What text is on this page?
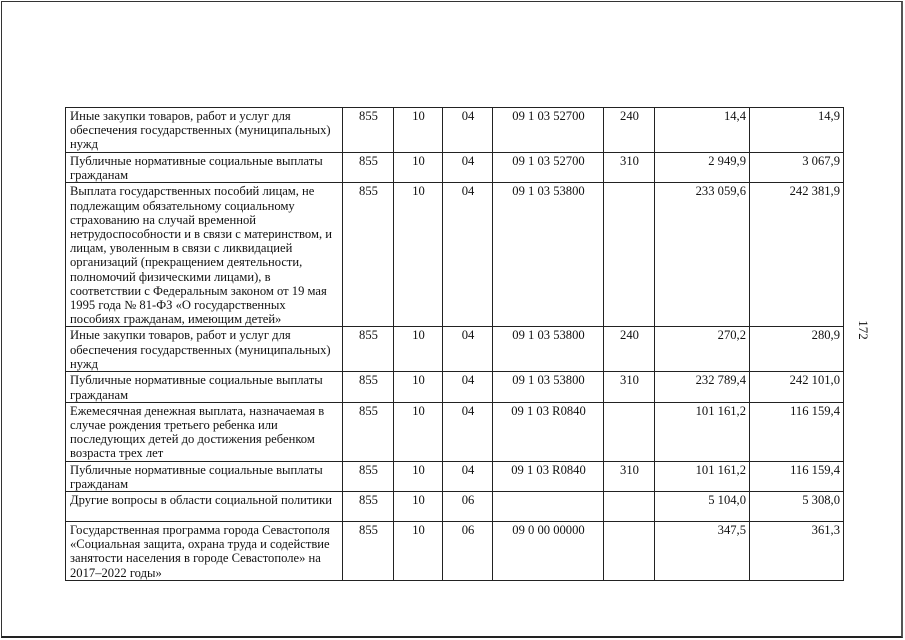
Иные закупки товаров, работ и услуг для обеспечения государственных (муниципальных) нужд	855	10	04	09 1 03 52700	240	14,4	14,9
Публичные нормативные социальные выплаты гражданам	855	10	04	09 1 03 52700	310	2 949,9	3 067,9
Выплата государственных пособий лицам, не подлежащим обязательному социальному страхованию на случай временной нетрудоспособности и в связи с материнством, и лицам, уволенным в связи с ликвидацией организаций (прекращением деятельности, полномочий физическими лицами), в соответствии с Федеральным законом от 19 мая 1995 года № 81-ФЗ «О государственных пособиях гражданам, имеющим детей»	855	10	04	09 1 03 53800		233 059,6	242 381,9
Иные закупки товаров, работ и услуг для обеспечения государственных (муниципальных) нужд	855	10	04	09 1 03 53800	240	270,2	280,9
Публичные нормативные социальные выплаты гражданам	855	10	04	09 1 03 53800	310	232 789,4	242 101,0
Ежемесячная денежная выплата, назначаемая в случае рождения третьего ребенка или последующих детей до достижения ребенком возраста трех лет	855	10	04	09 1 03 R0840		101 161,2	116 159,4
Публичные нормативные социальные выплаты гражданам	855	10	04	09 1 03 R0840	310	101 161,2	116 159,4
Другие вопросы в области социальной политики	855	10	06			5 104,0	5 308,0
Государственная программа города Севастополя «Социальная защита, охрана труда и содействие занятости населения в городе Севастополе» на 2017–2022 годы»	855	10	06	09 0 00 00000		347,5	361,3
172
